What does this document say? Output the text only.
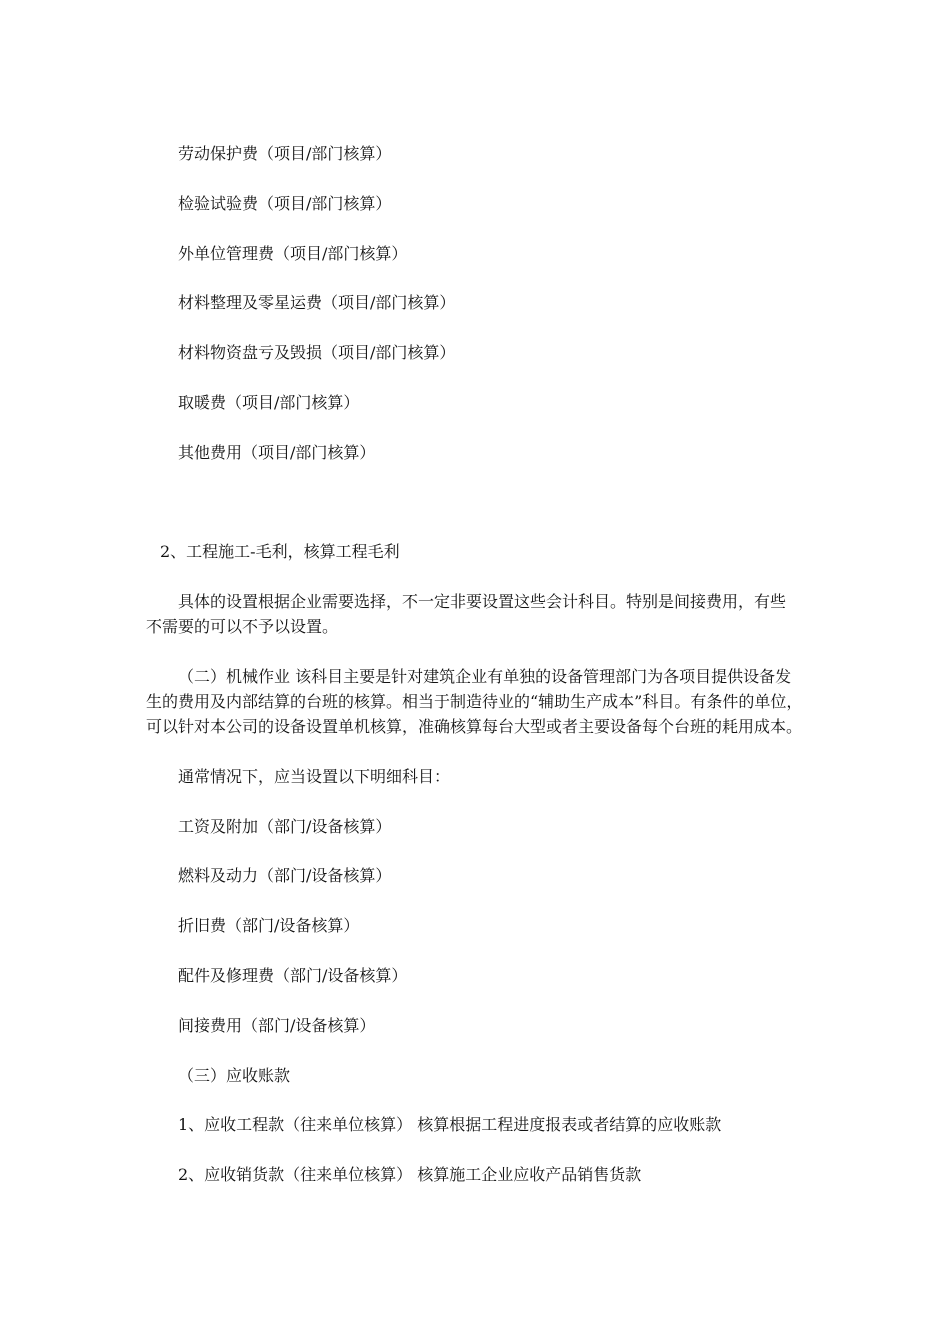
劳动保护费（项目/部门核算）

检验试验费（项目/部门核算）

外单位管理费（项目/部门核算）

材料整理及零星运费（项目/部门核算）

材料物资盘亏及毁损（项目/部门核算）

取暖费（项目/部门核算）

其他费用（项目/部门核算）

2、工程施工-毛利，核算工程毛利

具体的设置根据企业需要选择，不一定非要设置这些会计科目。特别是间接费用，有些

不需要的可以不予以设置。

（二）机械作业 该科目主要是针对建筑企业有单独的设备管理部门为各项目提供设备发

生的费用及内部结算的台班的核算。相当于制造待业的“辅助生产成本”科目。有条件的单位，

可以针对本公司的设备设置单机核算，准确核算每台大型或者主要设备每个台班的耗用成本。

通常情况下，应当设置以下明细科目：

工资及附加（部门/设备核算）

燃料及动力（部门/设备核算）

折旧费（部门/设备核算）

配件及修理费（部门/设备核算）

间接费用（部门/设备核算）

（三）应收账款

1、应收工程款（往来单位核算） 核算根据工程进度报表或者结算的应收账款

2、应收销货款（往来单位核算） 核算施工企业应收产品销售货款
